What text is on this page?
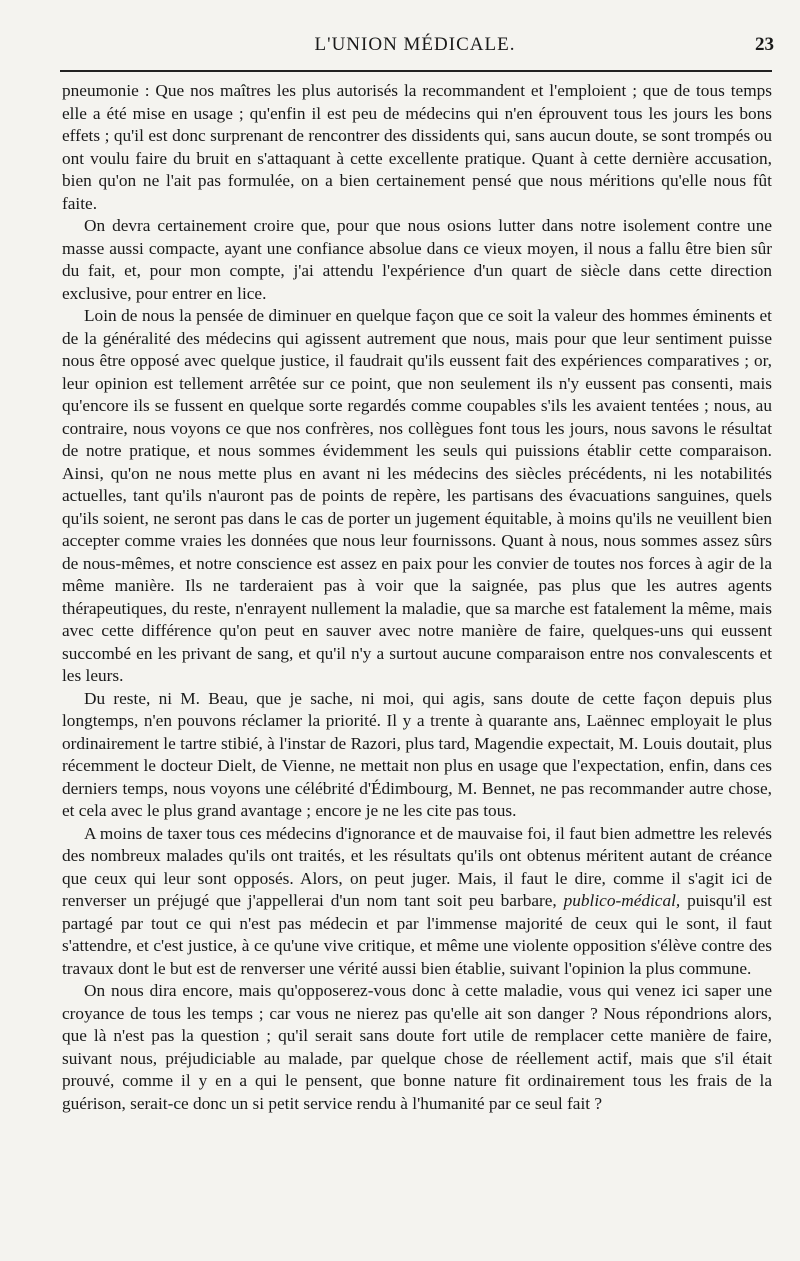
L'UNION MÉDICALE.	23

pneumonie : Que nos maîtres les plus autorisés la recommandent et l'emploient ; que de tous temps elle a été mise en usage ; qu'enfin il est peu de médecins qui n'en éprouvent tous les jours les bons effets ; qu'il est donc surprenant de rencontrer des dissidents qui, sans aucun doute, se sont trompés ou ont voulu faire du bruit en s'attaquant à cette excellente pratique. Quant à cette dernière accusation, bien qu'on ne l'ait pas formulée, on a bien certainement pensé que nous méritions qu'elle nous fût faite.

On devra certainement croire que, pour que nous osions lutter dans notre isolement contre une masse aussi compacte, ayant une confiance absolue dans ce vieux moyen, il nous a fallu être bien sûr du fait, et, pour mon compte, j'ai attendu l'expérience d'un quart de siècle dans cette direction exclusive, pour entrer en lice.

Loin de nous la pensée de diminuer en quelque façon que ce soit la valeur des hommes éminents et de la généralité des médecins qui agissent autrement que nous, mais pour que leur sentiment puisse nous être opposé avec quelque justice, il faudrait qu'ils eussent fait des expériences comparatives ; or, leur opinion est tellement arrêtée sur ce point, que non seulement ils n'y eussent pas consenti, mais qu'encore ils se fussent en quelque sorte regardés comme coupables s'ils les avaient tentées ; nous, au contraire, nous voyons ce que nos confrères, nos collègues font tous les jours, nous savons le résultat de notre pratique, et nous sommes évidemment les seuls qui puissions établir cette comparaison. Ainsi, qu'on ne nous mette plus en avant ni les médecins des siècles précédents, ni les notabilités actuelles, tant qu'ils n'auront pas de points de repère, les partisans des évacuations sanguines, quels qu'ils soient, ne seront pas dans le cas de porter un jugement équitable, à moins qu'ils ne veuillent bien accepter comme vraies les données que nous leur fournissons. Quant à nous, nous sommes assez sûrs de nous-mêmes, et notre conscience est assez en paix pour les convier de toutes nos forces à agir de la même manière. Ils ne tarderaient pas à voir que la saignée, pas plus que les autres agents thérapeutiques, du reste, n'enrayent nullement la maladie, que sa marche est fatalement la même, mais avec cette différence qu'on peut en sauver avec notre manière de faire, quelques-uns qui eussent succombé en les privant de sang, et qu'il n'y a surtout aucune comparaison entre nos convalescents et les leurs.

Du reste, ni M. Beau, que je sache, ni moi, qui agis, sans doute de cette façon depuis plus longtemps, n'en pouvons réclamer la priorité. Il y a trente à quarante ans, Laënnec employait le plus ordinairement le tartre stibié, à l'instar de Razori, plus tard, Magendie expectait, M. Louis doutait, plus récemment le docteur Dielt, de Vienne, ne mettait non plus en usage que l'expectation, enfin, dans ces derniers temps, nous voyons une célébrité d'Édimbourg, M. Bennet, ne pas recommander autre chose, et cela avec le plus grand avantage ; encore je ne les cite pas tous.

A moins de taxer tous ces médecins d'ignorance et de mauvaise foi, il faut bien admettre les relevés des nombreux malades qu'ils ont traités, et les résultats qu'ils ont obtenus méritent autant de créance que ceux qui leur sont opposés. Alors, on peut juger. Mais, il faut le dire, comme il s'agit ici de renverser un préjugé que j'appellerai d'un nom tant soit peu barbare, publico-médical, puisqu'il est partagé par tout ce qui n'est pas médecin et par l'immense majorité de ceux qui le sont, il faut s'attendre, et c'est justice, à ce qu'une vive critique, et même une violente opposition s'élève contre des travaux dont le but est de renverser une vérité aussi bien établie, suivant l'opinion la plus commune.

On nous dira encore, mais qu'opposerez-vous donc à cette maladie, vous qui venez ici saper une croyance de tous les temps ; car vous ne nierez pas qu'elle ait son danger ? Nous répondrions alors, que là n'est pas la question ; qu'il serait sans doute fort utile de remplacer cette manière de faire, suivant nous, préjudiciable au malade, par quelque chose de réellement actif, mais que s'il était prouvé, comme il y en a qui le pensent, que bonne nature fit ordinairement tous les frais de la guérison, serait-ce donc un si petit service rendu à l'humanité par ce seul fait ?
